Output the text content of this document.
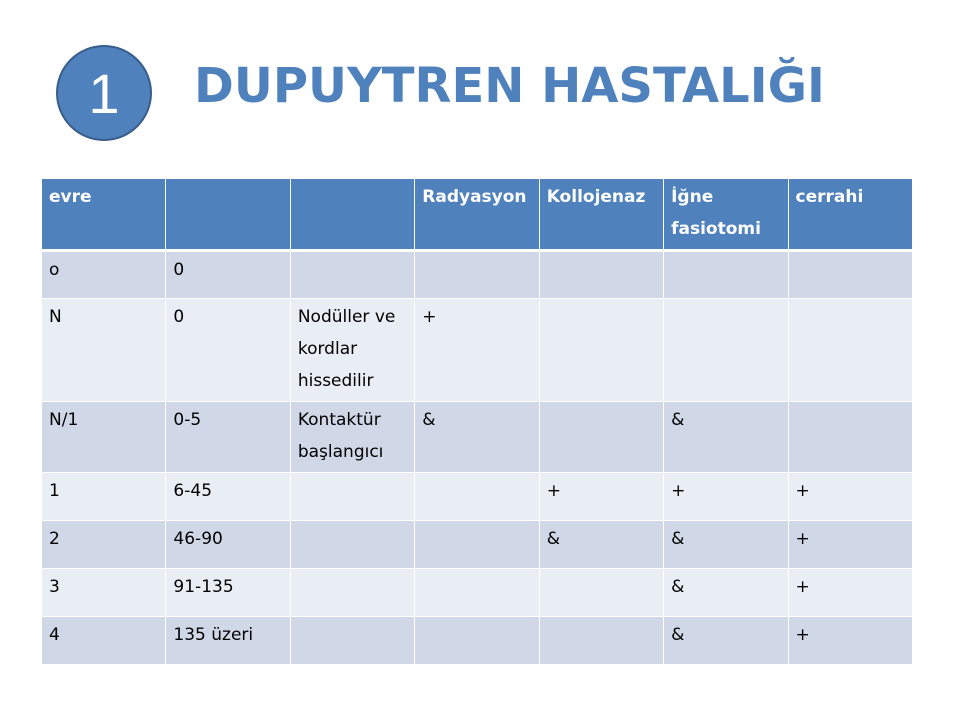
1 DUPUYTREN HASTALIĞI
evre			Radyasyon	Kollojenaz	İğne fasiotomi	cerrahi
o	0					
N	0	Nodüller ve kordlar hissedilir	+			
N/1	0-5	Kontaktür başlangıcı	&		&	
1	6-45			+	+	+
2	46-90			&	&	+
3	91-135				&	+
4	135 üzeri				&	+
